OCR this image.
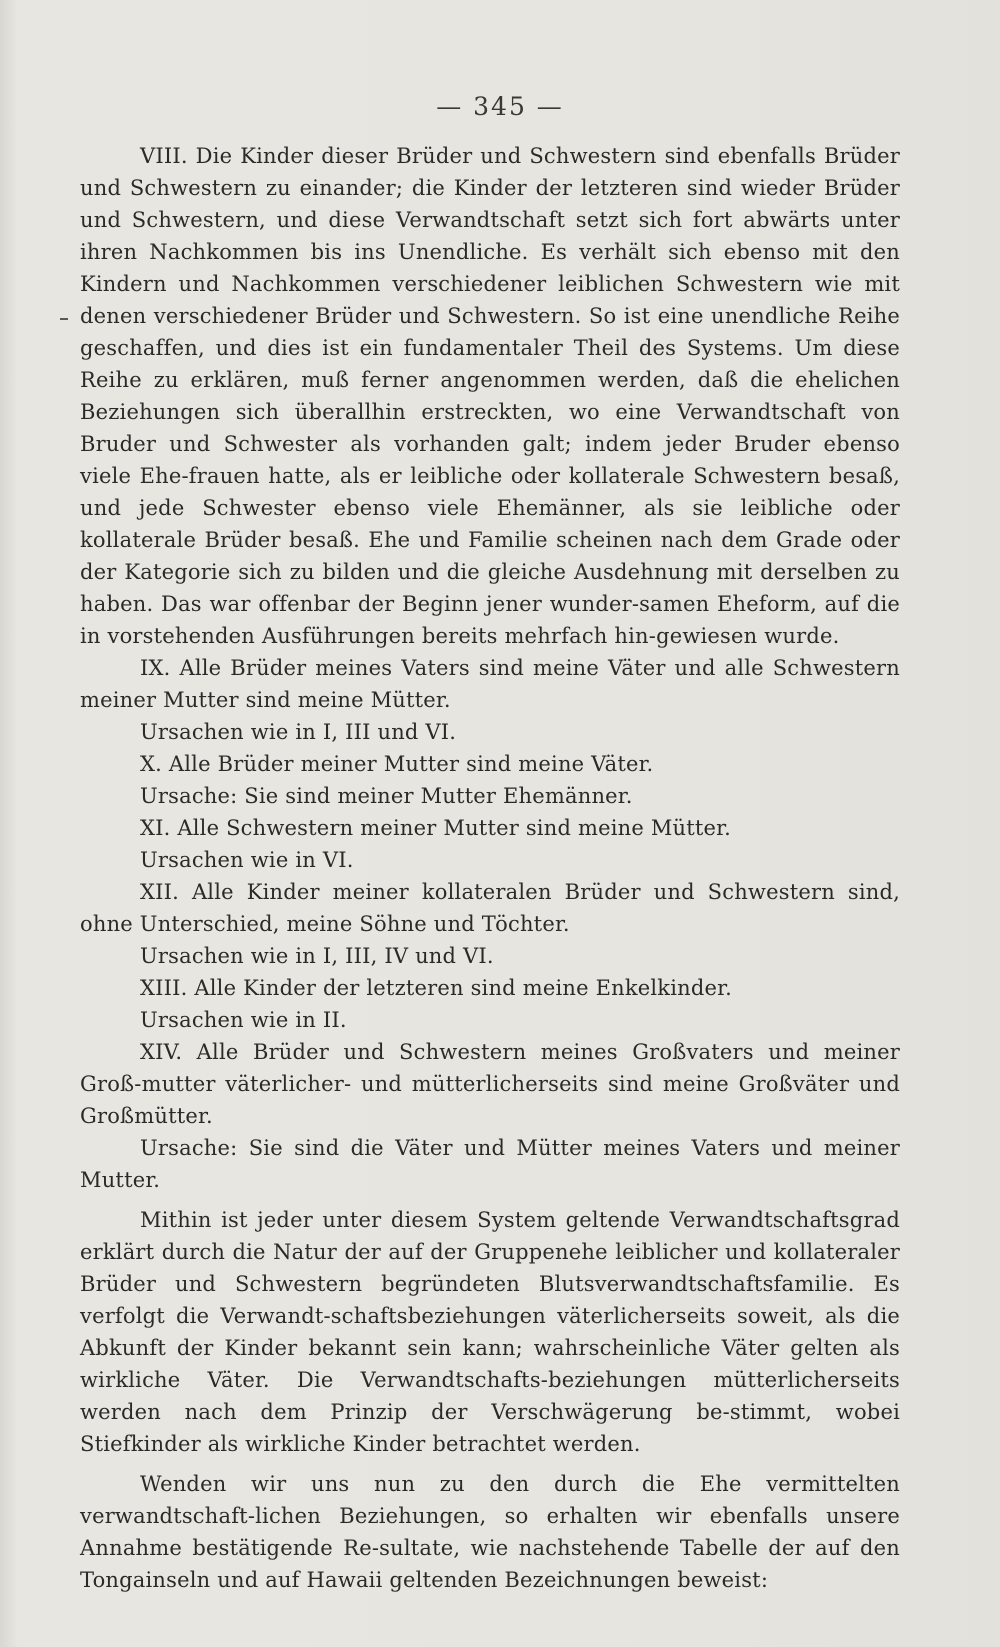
— 345 —

VIII. Die Kinder dieser Brüder und Schwestern sind ebenfalls Brüder und Schwestern zu einander; die Kinder der letzteren sind wieder Brüder und Schwestern, und diese Verwandtschaft setzt sich fort abwärts unter ihren Nachkommen bis ins Unendliche. Es verhält sich ebenso mit den Kindern und Nachkommen verschiedener leiblichen Schwestern wie mit denen verschiedener Brüder und Schwestern. So ist eine unendliche Reihe geschaffen, und dies ist ein fundamentaler Theil des Systems. Um diese Reihe zu erklären, muß ferner angenommen werden, daß die ehelichen Beziehungen sich überallhin erstreckten, wo eine Verwandtschaft von Bruder und Schwester als vorhanden galt; indem jeder Bruder ebenso viele Ehe-frauen hatte, als er leibliche oder kollaterale Schwestern besaß, und jede Schwester ebenso viele Ehemänner, als sie leibliche oder kollaterale Brüder besaß. Ehe und Familie scheinen nach dem Grade oder der Kategorie sich zu bilden und die gleiche Ausdehnung mit derselben zu haben. Das war offenbar der Beginn jener wunder-samen Eheform, auf die in vorstehenden Ausführungen bereits mehrfach hin-gewiesen wurde.

IX. Alle Brüder meines Vaters sind meine Väter und alle Schwestern meiner Mutter sind meine Mütter.

Ursachen wie in I, III und VI.

X. Alle Brüder meiner Mutter sind meine Väter.

Ursache: Sie sind meiner Mutter Ehemänner.

XI. Alle Schwestern meiner Mutter sind meine Mütter.

Ursachen wie in VI.

XII. Alle Kinder meiner kollateralen Brüder und Schwestern sind, ohne Unterschied, meine Söhne und Töchter.

Ursachen wie in I, III, IV und VI.

XIII. Alle Kinder der letzteren sind meine Enkelkinder.

Ursachen wie in II.

XIV. Alle Brüder und Schwestern meines Großvaters und meiner Groß-mutter väterlicher- und mütterlicherseits sind meine Großväter und Großmütter.

Ursache: Sie sind die Väter und Mütter meines Vaters und meiner Mutter.

Mithin ist jeder unter diesem System geltende Verwandtschaftsgrad erklärt durch die Natur der auf der Gruppenehe leiblicher und kollateraler Brüder und Schwestern begründeten Blutsverwandtschaftsfamilie. Es verfolgt die Verwandt-schaftsbeziehungen väterlicherseits soweit, als die Abkunft der Kinder bekannt sein kann; wahrscheinliche Väter gelten als wirkliche Väter. Die Verwandtschafts-beziehungen mütterlicherseits werden nach dem Prinzip der Verschwägerung be-stimmt, wobei Stiefkinder als wirkliche Kinder betrachtet werden.

Wenden wir uns nun zu den durch die Ehe vermittelten verwandtschaft-lichen Beziehungen, so erhalten wir ebenfalls unsere Annahme bestätigende Re-sultate, wie nachstehende Tabelle der auf den Tongainseln und auf Hawaii geltenden Bezeichnungen beweist:
